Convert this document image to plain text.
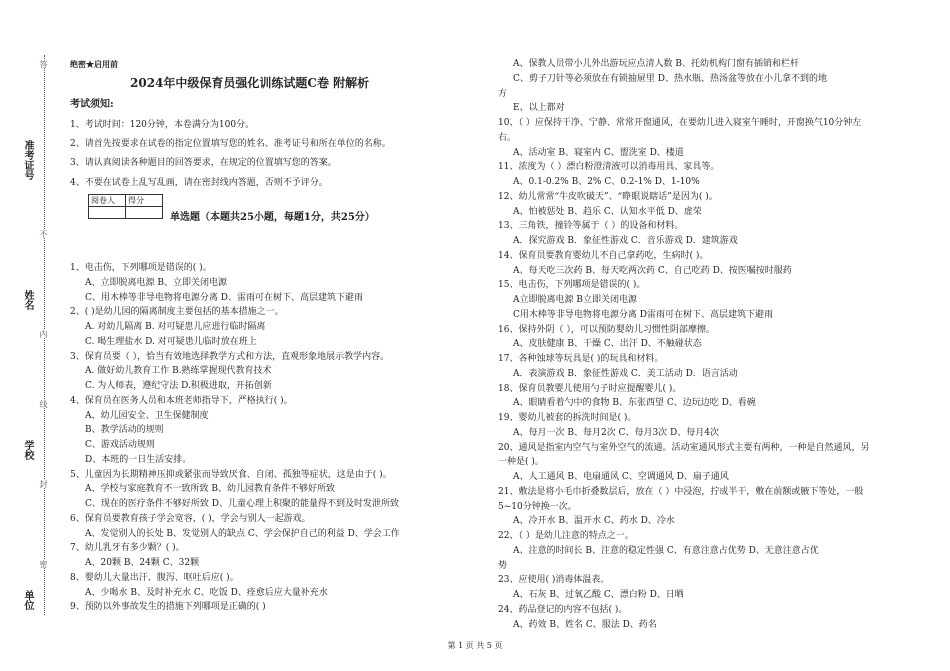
答
准考证号
不
姓名
内
线
学校
封
密
单位
绝密★启用前
2024年中级保育员强化训练试题C卷 附解析
考试须知:
1、考试时间：120分钟，本卷满分为100分。
2、请首先按要求在试卷的指定位置填写您的姓名、准考证号和所在单位的名称。
3、请认真阅读各种题目的回答要求，在规定的位置填写您的答案。
4、不要在试卷上乱写乱画，请在密封线内答题，否则不予评分。
阅卷人	得分

单选题（本题共25小题，每题1分，共25分）
1、电击伤，下列哪项是错误的( )。
A、立即脱离电源 B、立即关闭电源
C、用木棒等非导电物将电源分离 D、雷雨可在树下、高层建筑下避雨
2、( )是幼儿园的隔离制度主要包括的基本措施之一。
A. 对幼儿隔离 B. 对可疑患儿应进行临时隔离
C. 喝生理盐水 D. 对可疑患儿临时放在班上
3、保育员要（ ），恰当有效地选择教学方式和方法，直观形象地展示教学内容。
A. 做好幼儿教育工作 B.熟练掌握现代教育技术
C. 为人师表，遵纪守法 D.积极进取，开拓创新
4、保育员在医务人员和本班老师指导下，严格执行( )。
A、幼儿园安全、卫生保健制度
B、教学活动的规则
C、游戏活动规则
D、本班的一日生活安排。
5、儿童因为长期精神压抑或紧张而导致厌食、自闭、孤独等症状，这是由于( )。
A、学校与家庭教育不一致所致 B、幼儿园教育条件不够好所致
C、现在的医疗条件不够好所致 D、儿童心理上积聚的能量得不到及时发泄所致
6、保育员要教育孩子学会宽容，( )，学会与别人一起游戏。
A、发觉别人的长处 B、发觉别人的缺点 C、学会保护自己的利益 D、学会工作
7、幼儿乳牙有多少颗？( )。
A、20颗 B、24颗 C、32颗
8、婴幼儿大量出汗、腹泻、呕吐后应( )。
A、少喝水 B、及时补充水 C、吃饭 D、痊愈后应大量补充水
9、预防以外事故发生的措施下列哪项是正确的( )
A、保教人员带小儿外出游玩应点清人数 B、托幼机构门窗有插销和栏杆
C、剪子刀针等必须放在有锁抽屉里 D、热水瓶、热汤盆等放在小儿拿不到的地
方
E、以上都对
10、（ ）应保持干净、宁静、常常开窗通风，在要幼儿进入寝室午睡时，开窗换气10分钟左
右。
A、活动室 B、寝室内 C、盥洗室 D、楼道
11、浓度为（ ）漂白粉澄清液可以消毒用具、家具等。
A、0.1-0.2% B、2% C、0.2-1% D、1-10%
12、幼儿常常“牛皮吹破天”、“睁眼说瞎话”是因为( )。
A、怕被惩处 B、趋乐 C、认知水平低 D、虚荣
13、三角铁，撞铃等属于（ ）的设备和材料。
A．探究游戏 B．象征性游戏 C．音乐游戏 D．建筑游戏
14、保育员要教育婴幼儿不自己拿药吃，生病时( )。
A、每天吃三次药 B、每天吃两次药 C、自己吃药 D、按医嘱按时服药
15、电击伤，下列哪项是错误的( )。
A立即脱离电源 B立即关闭电源
C用木棒等非导电物将电源分离 D雷雨可在树下、高层建筑下避雨
16、保持外阴（ ），可以预防婴幼儿习惯性阴部摩擦。
A、皮肤健康 B、干燥 C、出汗 D、不触碰状态
17、各种蚀球等玩具是( )的玩具和材料。
A．表演游戏 B．象征性游戏 C．美工活动 D．语言活动
18、保育员教婴儿使用勺子时应提醒婴儿( )。
A、眼睛看着勺中的食物 B、东张西望 C、边玩边吃 D、看碗
19、婴幼儿被套的拆洗时间是( )。
A、每月一次 B、每月2次 C、每月3次 D、每月4次
20、通风是指室内空气与室外空气的流通。活动室通风形式主要有两种，一种是自然通风，另
一种是( )。
A、人工通风 B、电扇通风 C、空调通风 D、扇子通风
21、敷法是将小毛巾折叠数层后，放在（ ）中浸泡，拧成半干，敷在前额或腋下等处，一般
5~10分钟换一次。
A、冷开水 B、温开水 C、药水 D、冷水
22、（ ）是幼儿注意的特点之一。
A、注意的时间长 B、注意的稳定性强 C、有意注意占优势 D、无意注意占优
势
23、应使用( )消毒体温表。
A、石灰 B、过氧乙酸 C、漂白粉 D、日晒
24、药品登记的内容不包括( )。
A、药效 B、姓名 C、服法 D、药名
第 1 页 共 5 页
